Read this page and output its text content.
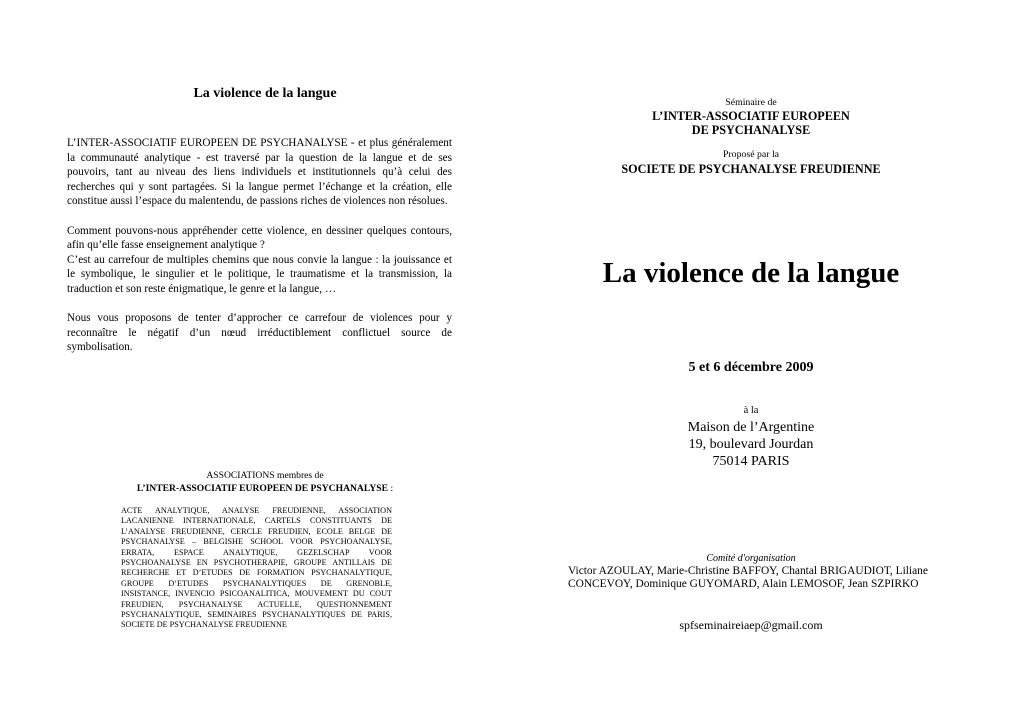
La violence de la langue

L’INTER-ASSOCIATIF EUROPEEN DE PSYCHANALYSE - et plus généralement la communauté analytique - est traversé par la question de la langue et de ses pouvoirs, tant au niveau des liens individuels et institutionnels qu’à celui des recherches qui y sont partagées. Si la langue permet l’échange et la création, elle constitue aussi l’espace du malentendu, de passions riches de violences non résolues.

Comment pouvons-nous appréhender cette violence, en dessiner quelques contours, afin qu’elle fasse enseignement analytique ?

C’est au carrefour de multiples chemins que nous convie la langue : la jouissance et le symbolique, le singulier et le politique, le traumatisme et la transmission, la traduction et son reste énigmatique, le genre et la langue, …

Nous vous proposons de tenter d’approcher ce carrefour de violences pour y reconnaître le négatif d’un nœud irréductiblement conflictuel source de symbolisation.

ASSOCIATIONS membres de
L’INTER-ASSOCIATIF EUROPEEN DE PSYCHANALYSE :
ACTE ANALYTIQUE, ANALYSE FREUDIENNE, ASSOCIATION LACANIENNE INTERNATIONALE, CARTELS CONSTITUANTS DE L’ANALYSE FREUDIENNE, CERCLE FREUDIEN, ECOLE BELGE DE PSYCHANALYSE – BELGISHE SCHOOL VOOR PSYCHOANALYSE, ERRATA, ESPACE ANALYTIQUE, GEZELSCHAP VOOR PSYCHOANALYSE EN PSYCHOTHERAPIE, GROUPE ANTILLAIS DE RECHERCHE ET D’ETUDES DE FORMATION PSYCHANALYTIQUE, GROUPE D’ETUDES PSYCHANALYTIQUES DE GRENOBLE, INSISTANCE, INVENCIO PSICOANALITICA, MOUVEMENT DU COUT FREUDIEN, PSYCHANALYSE ACTUELLE, QUESTIONNEMENT PSYCHANALYTIQUE, SEMINAIRES PSYCHANALYTIQUES DE PARIS, SOCIETE DE PSYCHANALYSE FREUDIENNE
Séminaire de
L’INTER-ASSOCIATIF EUROPEEN
DE PSYCHANALYSE
Proposé par la
SOCIETE DE PSYCHANALYSE FREUDIENNE
La violence de la langue
5 et 6 décembre 2009
à la
Maison de l’Argentine
19, boulevard Jourdan
75014 PARIS
Comité d'organisation
Victor AZOULAY, Marie-Christine BAFFOY, Chantal BRIGAUDIOT, Liliane
CONCEVOY, Dominique GUYOMARD, Alain LEMOSOF, Jean SZPIRKO
spfseminaireiaep@gmail.com
